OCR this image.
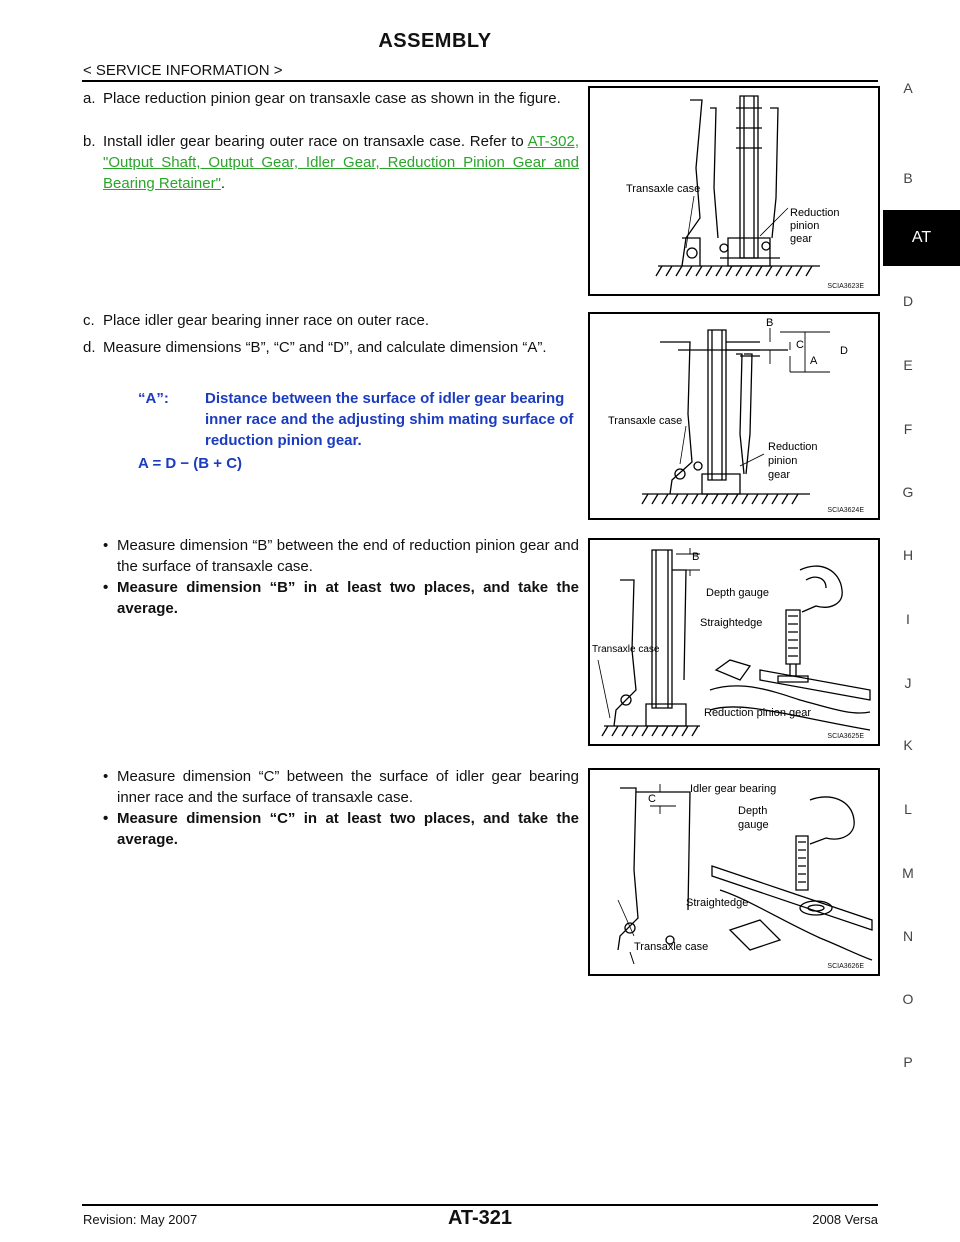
ASSEMBLY
< SERVICE INFORMATION >
A
B
AT
D
E
F
G
H
I
J
K
L
M
N
O
P
a. Place reduction pinion gear on transaxle case as shown in the figure.
b. Install idler gear bearing outer race on transaxle case. Refer to AT-302, "Output Shaft, Output Gear, Idler Gear, Reduction Pinion Gear and Bearing Retainer".	Transaxle case
Reduction
pinion
gear
SCIA3623E
c. Place idler gear bearing inner race on outer race.
d. Measure dimensions “B”, “C” and “D”, and calculate dimension “A”.
“A”:	Distance between the surface of idler gear bearing inner race and the adjusting shim mating surface of reduction pinion gear.
A = D − (B + C)
B
C
A
D
Transaxle case
Reduction
pinion
gear
SCIA3624E
• Measure dimension “B” between the end of reduction pinion gear and the surface of transaxle case.
• Measure dimension “B” in at least two places, and take the average.
B
Depth gauge
Straightedge
Transaxle case
Reduction pinion gear
SCIA3625E
• Measure dimension “C” between the surface of idler gear bearing inner race and the surface of transaxle case.
• Measure dimension “C” in at least two places, and take the average.
C
Idler gear bearing
Depth
gauge
Straightedge
Transaxle case
SCIA3626E
Revision: May 2007	AT-321	2008 Versa
